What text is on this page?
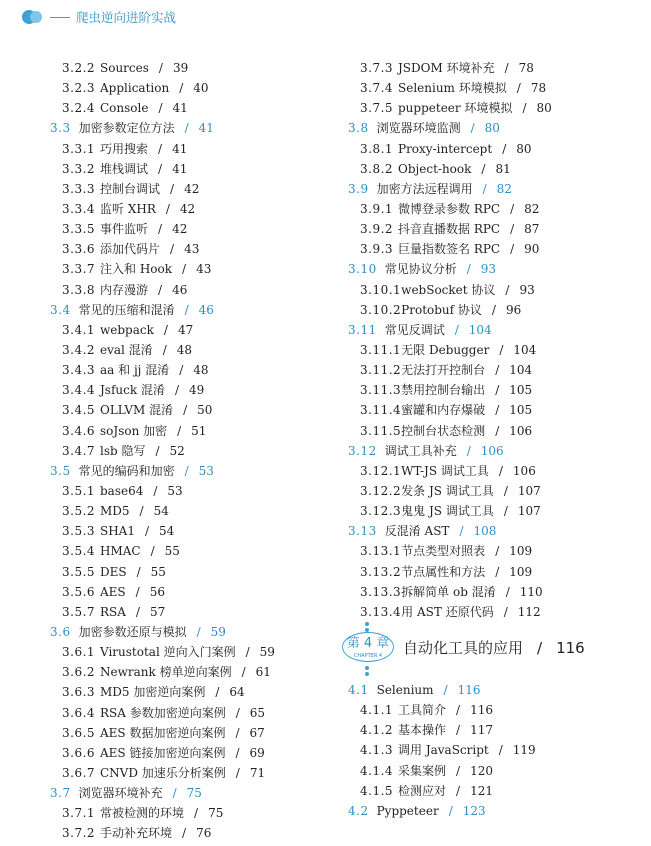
爬虫逆向进阶实战
3.2.2 Sources / 39
3.2.3 Application / 40
3.2.4 Console / 41
3.3 加密参数定位方法 / 41
3.3.1 巧用搜索 / 41
3.3.2 堆栈调试 / 41
3.3.3 控制台调试 / 42
3.3.4 监听 XHR / 42
3.3.5 事件监听 / 42
3.3.6 添加代码片 / 43
3.3.7 注入和 Hook / 43
3.3.8 内存漫游 / 46
3.4 常见的压缩和混淆 / 46
3.4.1 webpack / 47
3.4.2 eval 混淆 / 48
3.4.3 aa 和 jj 混淆 / 48
3.4.4 Jsfuck 混淆 / 49
3.4.5 OLLVM 混淆 / 50
3.4.6 soJson 加密 / 51
3.4.7 lsb 隐写 / 52
3.5 常见的编码和加密 / 53
3.5.1 base64 / 53
3.5.2 MD5 / 54
3.5.3 SHA1 / 54
3.5.4 HMAC / 55
3.5.5 DES / 55
3.5.6 AES / 56
3.5.7 RSA / 57
3.6 加密参数还原与模拟 / 59
3.6.1 Virustotal 逆向入门案例 / 59
3.6.2 Newrank 榜单逆向案例 / 61
3.6.3 MD5 加密逆向案例 / 64
3.6.4 RSA 参数加密逆向案例 / 65
3.6.5 AES 数据加密逆向案例 / 67
3.6.6 AES 链接加密逆向案例 / 69
3.6.7 CNVD 加速乐分析案例 / 71
3.7 浏览器环境补充 / 75
3.7.1 常被检测的环境 / 75
3.7.2 手动补充环境 / 76
3.7.3 JSDOM 环境补充 / 78
3.7.4 Selenium 环境模拟 / 78
3.7.5 puppeteer 环境模拟 / 80
3.8 浏览器环境监测 / 80
3.8.1 Proxy-intercept / 80
3.8.2 Object-hook / 81
3.9 加密方法远程调用 / 82
3.9.1 微博登录参数 RPC / 82
3.9.2 抖音直播数据 RPC / 87
3.9.3 巨量指数签名 RPC / 90
3.10 常见协议分析 / 93
3.10.1webSocket 协议 / 93
3.10.2Protobuf 协议 / 96
3.11 常见反调试 / 104
3.11.1无限 Debugger / 104
3.11.2无法打开控制台 / 104
3.11.3禁用控制台输出 / 105
3.11.4蜜罐和内存爆破 / 105
3.11.5控制台状态检测 / 106
3.12 调试工具补充 / 106
3.12.1WT-JS 调试工具 / 106
3.12.2发条 JS 调试工具 / 107
3.12.3鬼鬼 JS 调试工具 / 107
3.13 反混淆 AST / 108
3.13.1节点类型对照表 / 109
3.13.2节点属性和方法 / 109
3.13.3拆解简单 ob 混淆 / 110
3.13.4用 AST 还原代码 / 112
第 4 章
CHAPTER 4	自动化工具的应用 / 116
4.1 Selenium / 116
4.1.1 工具简介 / 116
4.1.2 基本操作 / 117
4.1.3 调用 JavaScript / 119
4.1.4 采集案例 / 120
4.1.5 检测应对 / 121
4.2 Pyppeteer / 123
